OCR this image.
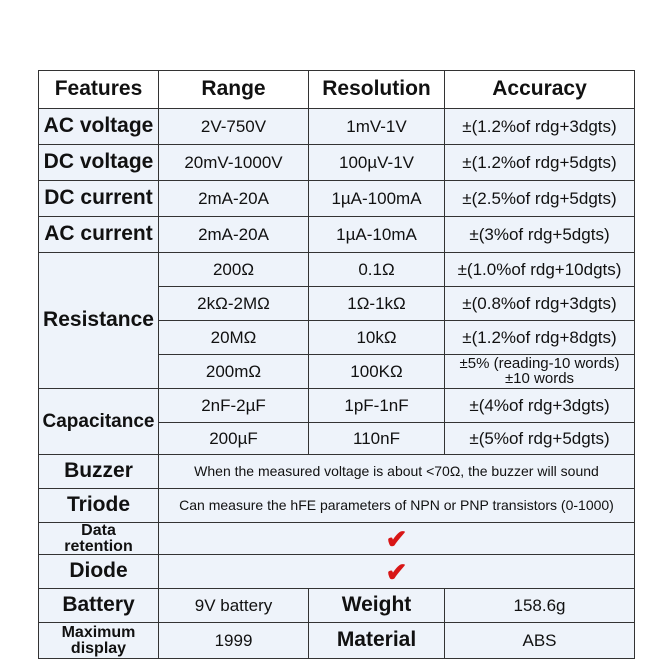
Features	Range	Resolution	Accuracy
AC voltage	2V-750V	1mV-1V	±(1.2%of rdg+3dgts)
DC voltage	20mV-1000V	100µV-1V	±(1.2%of rdg+5dgts)
DC current	2mA-20A	1µA-100mA	±(2.5%of rdg+5dgts)
AC current	2mA-20A	1µA-10mA	±(3%of rdg+5dgts)
Resistance	200Ω	0.1Ω	±(1.0%of rdg+10dgts)
	2kΩ-2MΩ	1Ω-1kΩ	±(0.8%of rdg+3dgts)
	20MΩ	10kΩ	±(1.2%of rdg+8dgts)
	200mΩ	100KΩ	±5% (reading-10 words)
±10 words

Capacitance	2nF-2µF	1pF-1nF	±(4%of rdg+3dgts)
	200µF	110nF	±(5%of rdg+5dgts)
Buzzer	When the measured voltage is about <70Ω, the buzzer will sound		
Triode	Can measure the hFE parameters of NPN or PNP transistors (0-1000)		

Data
retention	✔		
Diode	✔		
Battery	9V battery	Weight	158.6g

Maximum
display	1999	Material	ABS
